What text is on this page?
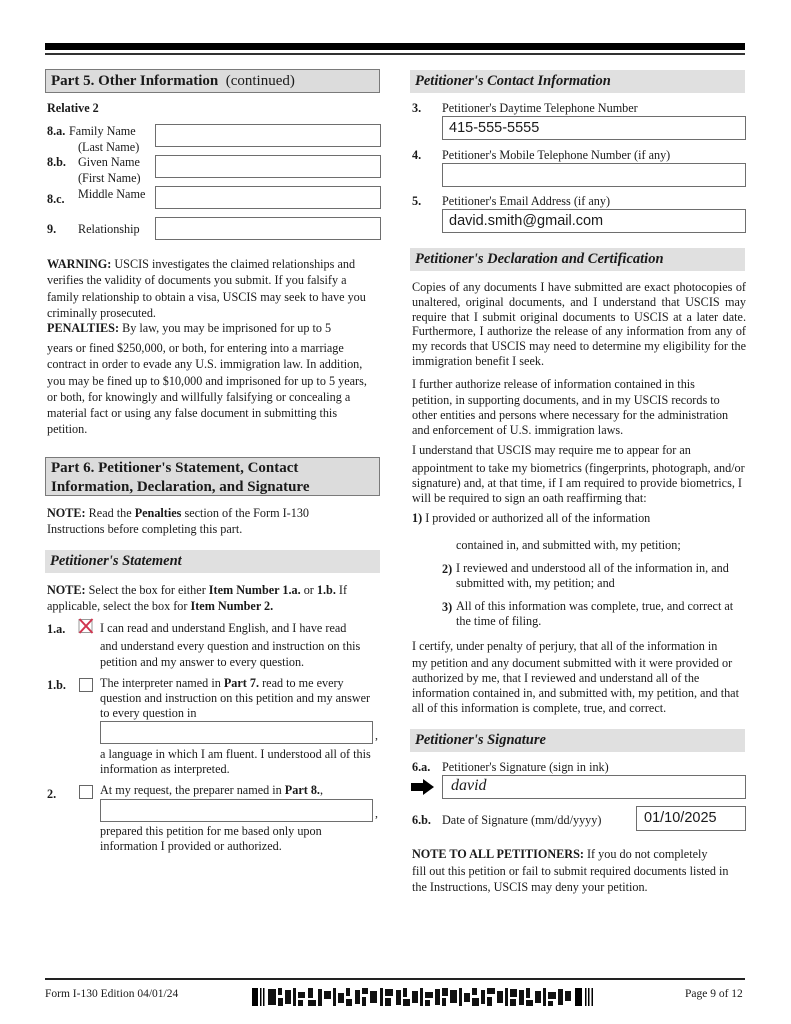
Part 5. Other Information (continued)
Relative 2
8.a. Family Name
(Last Name)
8.b. Given Name
(First Name)
8.c. Middle Name
9. Relationship
WARNING: USCIS investigates the claimed relationships and verifies the validity of documents you submit. If you falsify a family relationship to obtain a visa, USCIS may seek to have you criminally prosecuted.
PENALTIES: By law, you may be imprisoned for up to 5
years or fined $250,000, or both, for entering into a marriage contract in order to evade any U.S. immigration law. In addition, you may be fined up to $10,000 and imprisoned for up to 5 years, or both, for knowingly and willfully falsifying or concealing a material fact or using any false document in submitting this petition.
Part 6. Petitioner's Statement, Contact
Information, Declaration, and Signature
NOTE: Read the Penalties section of the Form I-130 Instructions before completing this part.
Petitioner's Statement
NOTE: Select the box for either Item Number 1.a. or 1.b. If applicable, select the box for Item Number 2.
1.a.	I can read and understand English, and I have read
and understand every question and instruction on this petition and my answer to every question.
1.b.	The interpreter named in Part 7. read to me every question and instruction on this petition and my answer to every question in
,
a language in which I am fluent. I understood all of this information as interpreted.
2.	At my request, the preparer named in Part 8.,
,
prepared this petition for me based only upon information I provided or authorized.
Petitioner's Contact Information
3. Petitioner's Daytime Telephone Number
415-555-5555
4. Petitioner's Mobile Telephone Number (if any)
5. Petitioner's Email Address (if any)
david.smith@gmail.com
Petitioner's Declaration and Certification
Copies of any documents I have submitted are exact photocopies of unaltered, original documents, and I understand that USCIS may require that I submit original documents to USCIS at a later date. Furthermore, I authorize the release of any information from any of my records that USCIS may need to determine my eligibility for the immigration benefit I seek.
I further authorize release of information contained in this
petition, in supporting documents, and in my USCIS records to other entities and persons where necessary for the administration and enforcement of U.S. immigration laws.
I understand that USCIS may require me to appear for an
appointment to take my biometrics (fingerprints, photograph, and/or signature) and, at that time, if I am required to provide biometrics, I will be required to sign an oath reaffirming that:
1) I provided or authorized all of the information
contained in, and submitted with, my petition;
2) I reviewed and understood all of the information in, and submitted with, my petition; and
3) All of this information was complete, true, and correct at the time of filing.
I certify, under penalty of perjury, that all of the information in
my petition and any document submitted with it were provided or authorized by me, that I reviewed and understand all of the information contained in, and submitted with, my petition, and that all of this information is complete, true, and correct.
Petitioner's Signature
6.a. Petitioner's Signature (sign in ink)
david
6.b. Date of Signature (mm/dd/yyyy)	01/10/2025
NOTE TO ALL PETITIONERS: If you do not completely
fill out this petition or fail to submit required documents listed in the Instructions, USCIS may deny your petition.
Form I-130 Edition 04/01/24	Page 9 of 12
